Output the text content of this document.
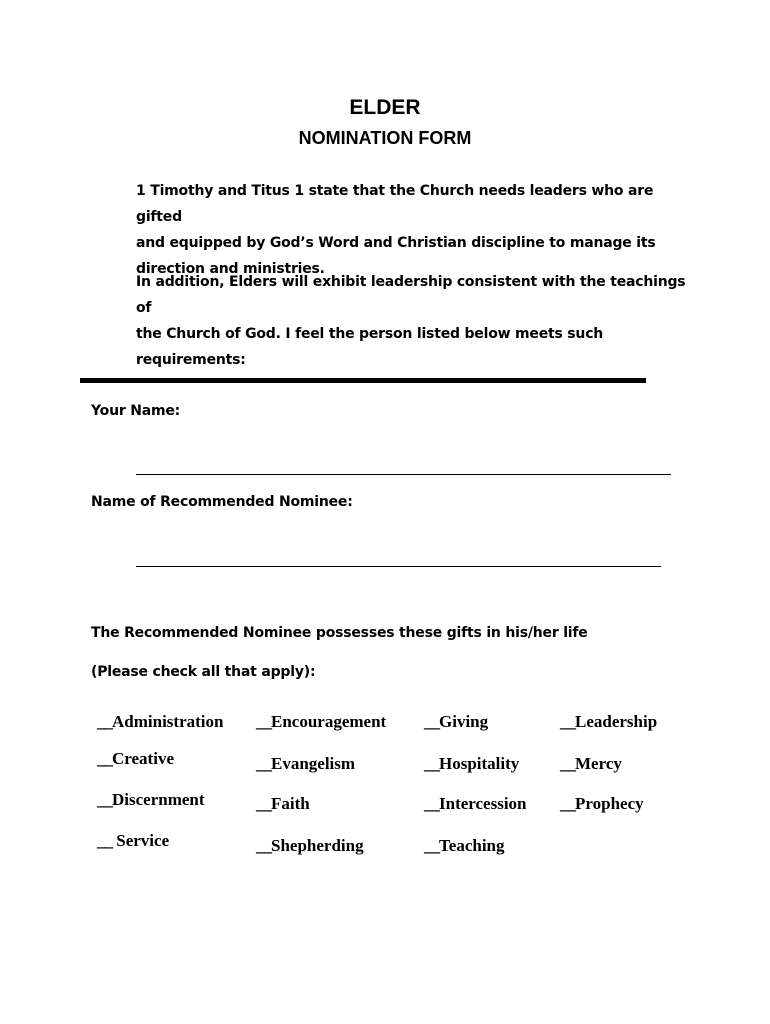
ELDER
NOMINATION FORM
1 Timothy and Titus 1 state that the Church needs leaders who are gifted
and equipped by God’s Word and Christian discipline to manage its
direction and ministries.
In addition, Elders will exhibit leadership consistent with the teachings of
the Church of God. I feel the person listed below meets such
requirements:
Your Name:
Name of Recommended Nominee:
The Recommended Nominee possesses these gifts in his/her life
(Please check all that apply):
__Administration __Encouragement __Giving	__Leadership
__Creative	__Evangelism	__Hospitality __Mercy
__Discernment	__Faith	__Intercession __Prophecy
__ Service	__Shepherding	__Teaching
